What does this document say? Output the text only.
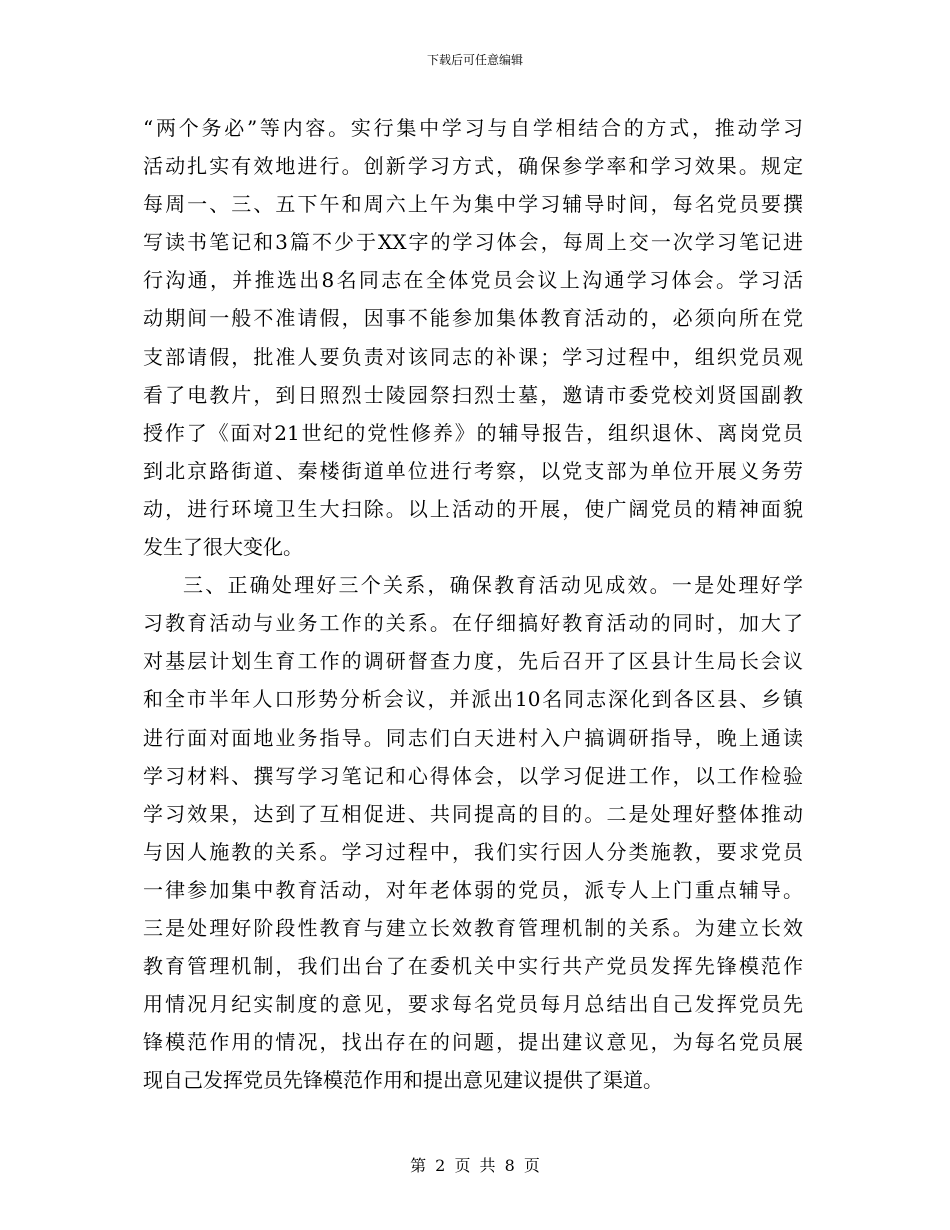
下载后可任意编辑
“两个务必”等内容。实行集中学习与自学相结合的方式，推动学习
活动扎实有效地进行。创新学习方式，确保参学率和学习效果。规定
每周一、三、五下午和周六上午为集中学习辅导时间，每名党员要撰
写读书笔记和3篇不少于XX字的学习体会，每周上交一次学习笔记进
行沟通，并推选出8名同志在全体党员会议上沟通学习体会。学习活
动期间一般不准请假，因事不能参加集体教育活动的，必须向所在党
支部请假，批准人要负责对该同志的补课；学习过程中，组织党员观
看了电教片，到日照烈士陵园祭扫烈士墓，邀请市委党校刘贤国副教
授作了《面对21世纪的党性修养》的辅导报告，组织退休、离岗党员
到北京路街道、秦楼街道单位进行考察，以党支部为单位开展义务劳
动，进行环境卫生大扫除。以上活动的开展，使广阔党员的精神面貌
发生了很大变化。
三、正确处理好三个关系，确保教育活动见成效。一是处理好学
习教育活动与业务工作的关系。在仔细搞好教育活动的同时，加大了
对基层计划生育工作的调研督查力度，先后召开了区县计生局长会议
和全市半年人口形势分析会议，并派出10名同志深化到各区县、乡镇
进行面对面地业务指导。同志们白天进村入户搞调研指导，晚上通读
学习材料、撰写学习笔记和心得体会，以学习促进工作，以工作检验
学习效果，达到了互相促进、共同提高的目的。二是处理好整体推动
与因人施教的关系。学习过程中，我们实行因人分类施教，要求党员
一律参加集中教育活动，对年老体弱的党员，派专人上门重点辅导。
三是处理好阶段性教育与建立长效教育管理机制的关系。为建立长效
教育管理机制，我们出台了在委机关中实行共产党员发挥先锋模范作
用情况月纪实制度的意见，要求每名党员每月总结出自己发挥党员先
锋模范作用的情况，找出存在的问题，提出建议意见，为每名党员展
现自己发挥党员先锋模范作用和提出意见建议提供了渠道。
第 2 页 共 8 页
